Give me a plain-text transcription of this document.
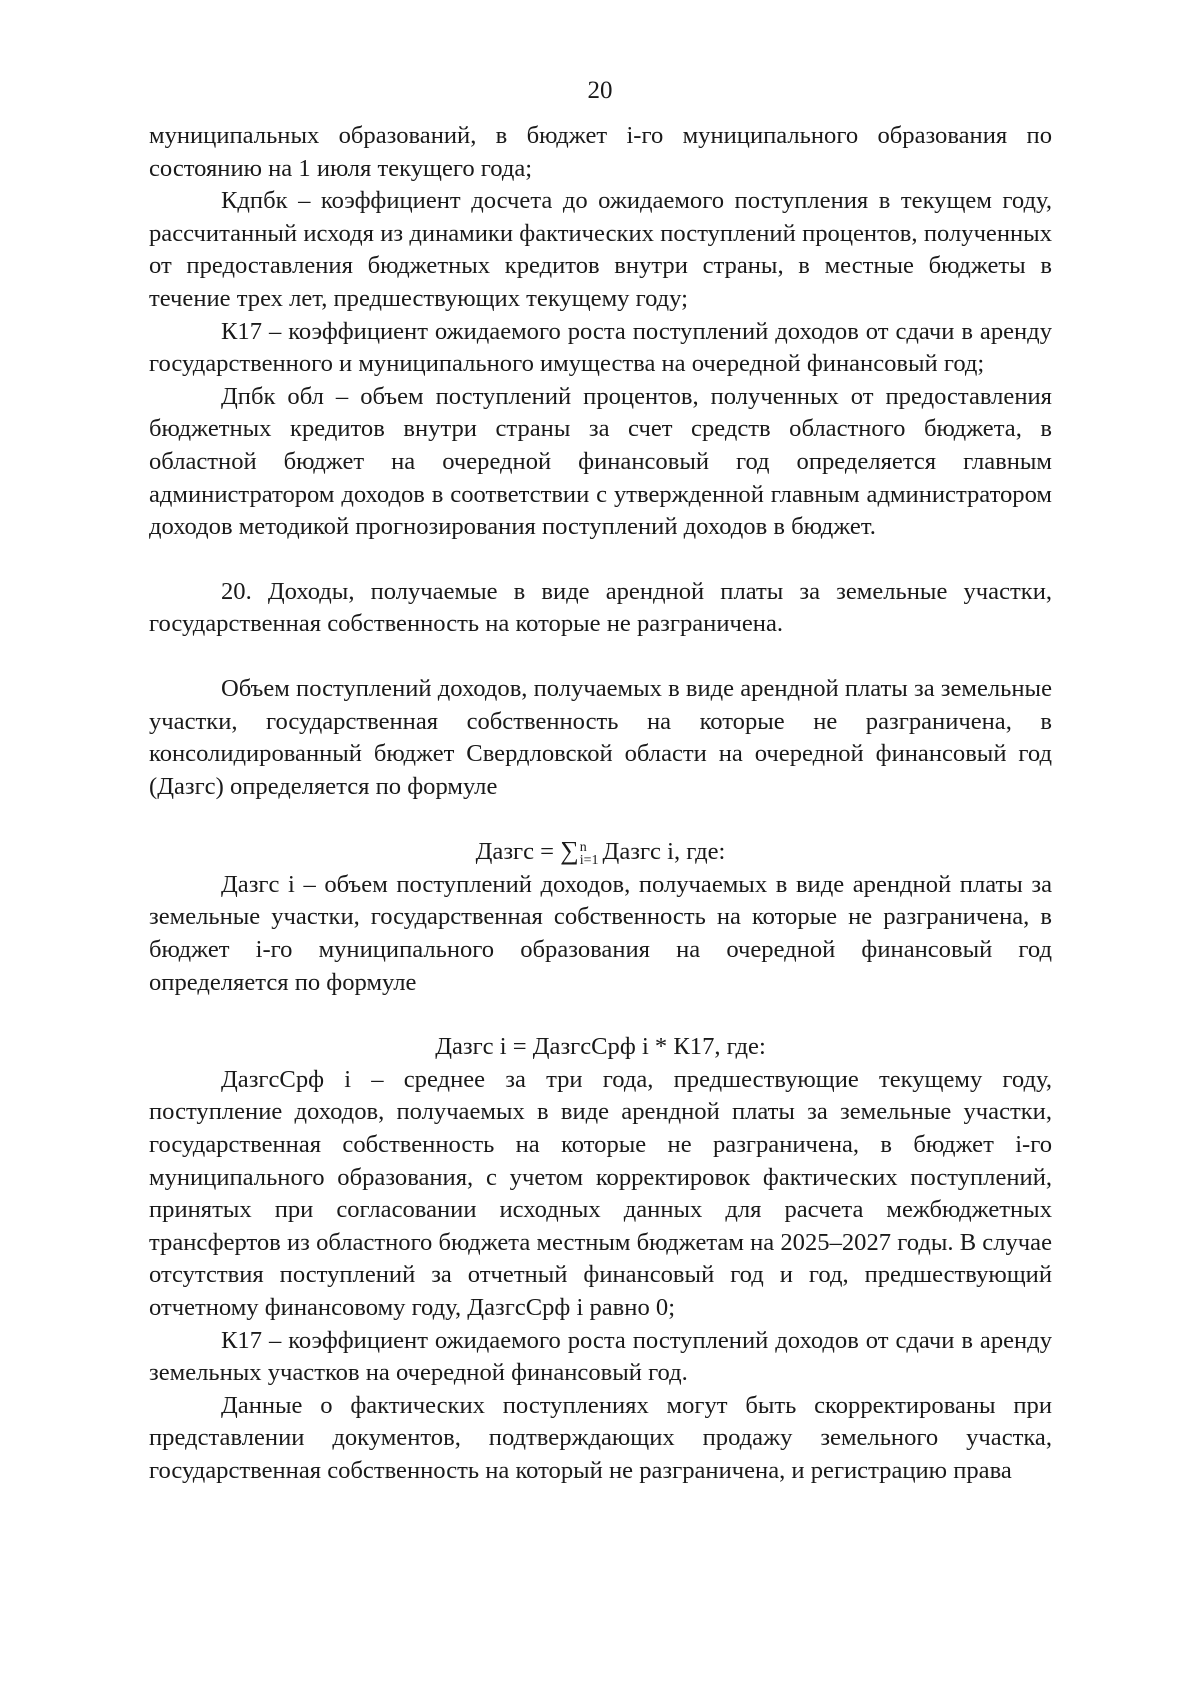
20

муниципальных образований, в бюджет i-го муниципального образования по состоянию на 1 июля текущего года;

Кдпбк – коэффициент досчета до ожидаемого поступления в текущем году, рассчитанный исходя из динамики фактических поступлений процентов, полученных от предоставления бюджетных кредитов внутри страны, в местные бюджеты в течение трех лет, предшествующих текущему году;

К17 – коэффициент ожидаемого роста поступлений доходов от сдачи в аренду государственного и муниципального имущества на очередной финансовый год;

Дпбк обл – объем поступлений процентов, полученных от предоставления бюджетных кредитов внутри страны за счет средств областного бюджета, в областной бюджет на очередной финансовый год определяется главным администратором доходов в соответствии с утвержденной главным администратором доходов методикой прогнозирования поступлений доходов в бюджет.

20. Доходы, получаемые в виде арендной платы за земельные участки, государственная собственность на которые не разграничена.

Объем поступлений доходов, получаемых в виде арендной платы за земельные участки, государственная собственность на которые не разграничена, в консолидированный бюджет Свердловской области на очередной финансовый год (Дазгс) определяется по формуле

Дазгс = ∑ n
i=1 Дазгс i, где:

Дазгс i – объем поступлений доходов, получаемых в виде арендной платы за земельные участки, государственная собственность на которые не разграничена, в бюджет i-го муниципального образования на очередной финансовый год определяется по формуле

Дазгс i = ДазгсСрф i * К17, где:

ДазгсСрф i – среднее за три года, предшествующие текущему году, поступление доходов, получаемых в виде арендной платы за земельные участки, государственная собственность на которые не разграничена, в бюджет i-го муниципального образования, с учетом корректировок фактических поступлений, принятых при согласовании исходных данных для расчета межбюджетных трансфертов из областного бюджета местным бюджетам на 2025–2027 годы. В случае отсутствия поступлений за отчетный финансовый год и год, предшествующий отчетному финансовому году, ДазгсСрф i равно 0;

К17 – коэффициент ожидаемого роста поступлений доходов от сдачи в аренду земельных участков на очередной финансовый год.

Данные о фактических поступлениях могут быть скорректированы при представлении документов, подтверждающих продажу земельного участка, государственная собственность на который не разграничена, и регистрацию права
